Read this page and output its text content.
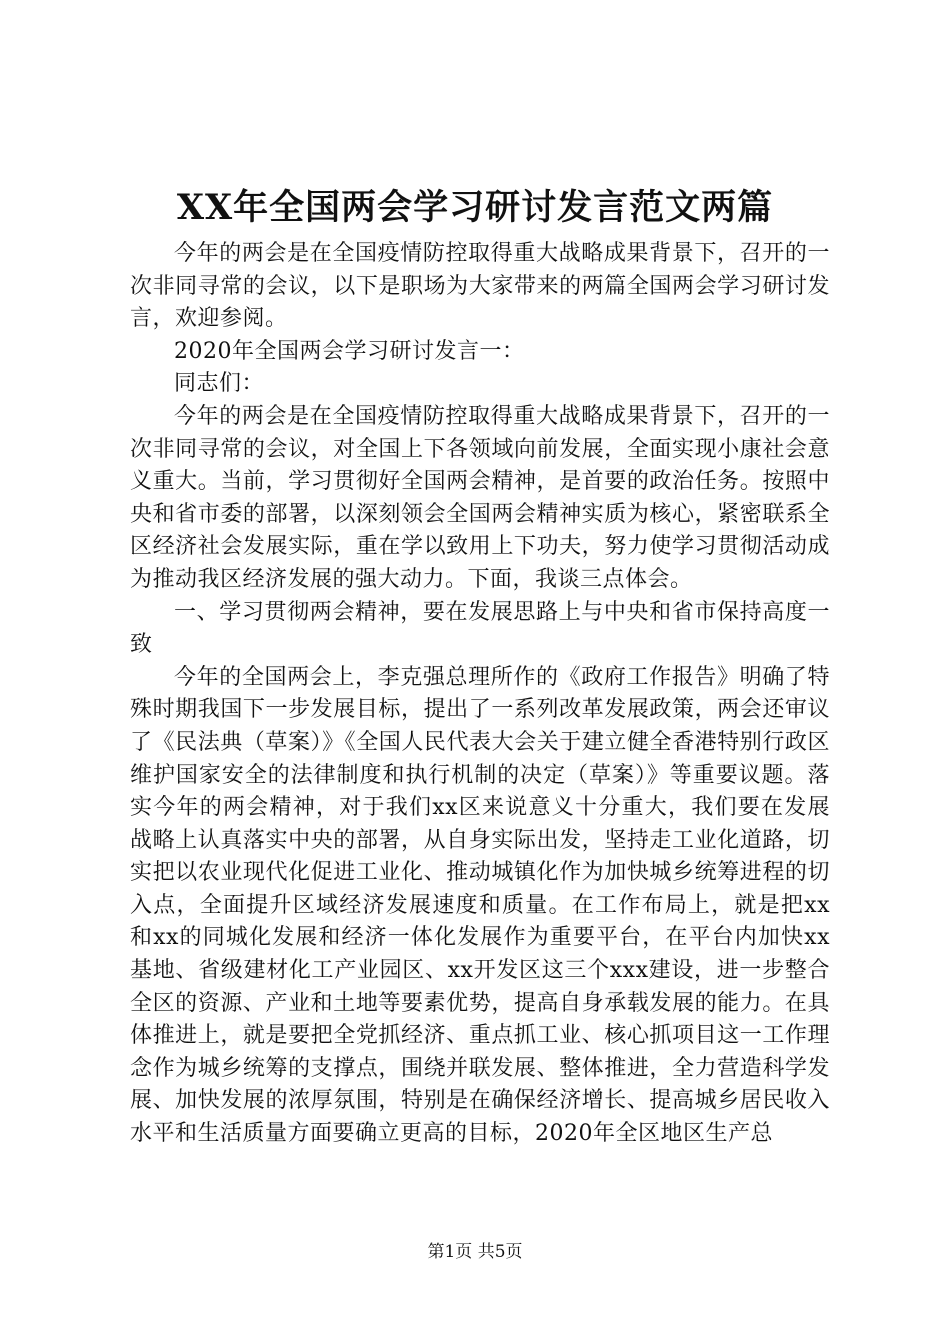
XX年全国两会学习研讨发言范文两篇

今年的两会是在全国疫情防控取得重大战略成果背景下，召开的一次非同寻常的会议，以下是职场为大家带来的两篇全国两会学习研讨发言，欢迎参阅。

2020年全国两会学习研讨发言一：

同志们：

今年的两会是在全国疫情防控取得重大战略成果背景下，召开的一次非同寻常的会议，对全国上下各领域向前发展，全面实现小康社会意义重大。当前，学习贯彻好全国两会精神，是首要的政治任务。按照中央和省市委的部署，以深刻领会全国两会精神实质为核心，紧密联系全区经济社会发展实际，重在学以致用上下功夫，努力使学习贯彻活动成为推动我区经济发展的强大动力。下面，我谈三点体会。

一、学习贯彻两会精神，要在发展思路上与中央和省市保持高度一致

今年的全国两会上，李克强总理所作的《政府工作报告》明确了特殊时期我国下一步发展目标，提出了一系列改革发展政策，两会还审议了《民法典（草案）》《全国人民代表大会关于建立健全香港特别行政区维护国家安全的法律制度和执行机制的决定（草案）》等重要议题。落实今年的两会精神，对于我们xx区来说意义十分重大，我们要在发展战略上认真落实中央的部署，从自身实际出发，坚持走工业化道路，切实把以农业现代化促进工业化、推动城镇化作为加快城乡统筹进程的切入点，全面提升区域经济发展速度和质量。在工作布局上，就是把xx和xx的同城化发展和经济一体化发展作为重要平台，在平台内加快xx基地、省级建材化工产业园区、xx开发区这三个xxx建设，进一步整合全区的资源、产业和土地等要素优势，提高自身承载发展的能力。在具体推进上，就是要把全党抓经济、重点抓工业、核心抓项目这一工作理念作为城乡统筹的支撑点，围绕并联发展、整体推进，全力营造科学发展、加快发展的浓厚氛围，特别是在确保经济增长、提高城乡居民收入水平和生活质量方面要确立更高的目标，2020年全区地区生产总

第1页 共5页
